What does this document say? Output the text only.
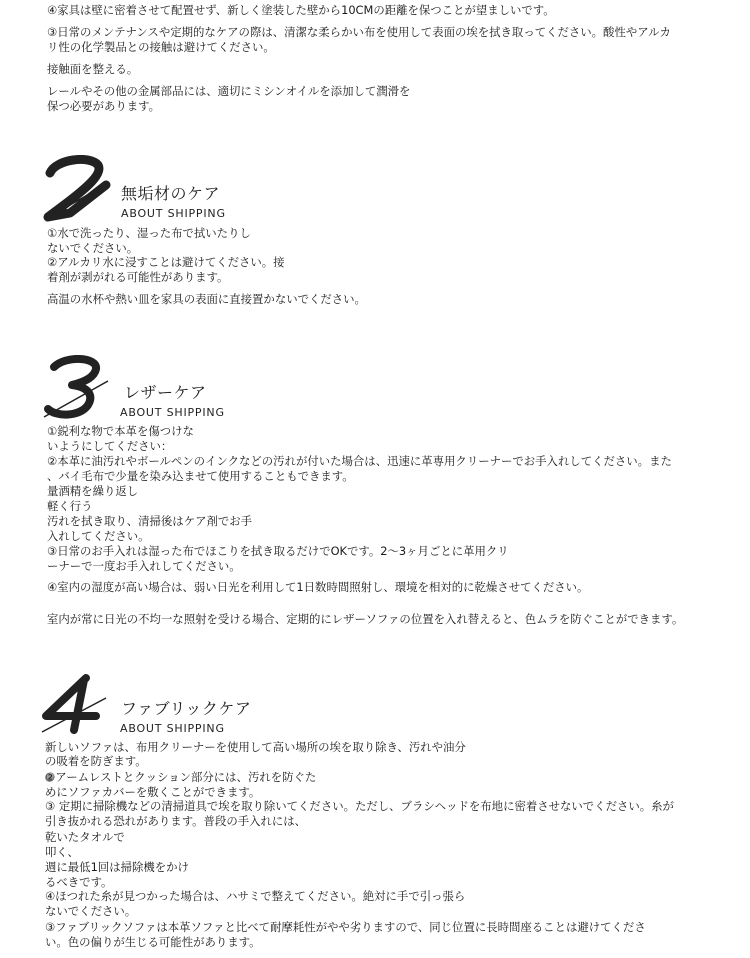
④家具は壁に密着させて配置せず、新しく塗装した壁から10CMの距離を保つことが望ましいです。
③日常のメンテナンスや定期的なケアの際は、清潔な柔らかい布を使用して表面の埃を拭き取ってください。酸性やアルカ
リ性の化学製品との接触は避けてください。
接触面を整える。
レールやその他の金属部品には、適切にミシンオイルを添加して潤滑を
保つ必要があります。
無垢材のケア
ABOUT SHIPPING
①水で洗ったり、湿った布で拭いたりし
ないでください。
②アルカリ水に浸すことは避けてください。接
着剤が剥がれる可能性があります。
高温の水杯や熱い皿を家具の表面に直接置かないでください。
レザーケア
ABOUT SHIPPING
①鋭利な物で本革を傷つけな
いようにしてください：
②本革に油汚れやボールペンのインクなどの汚れが付いた場合は、迅速に革専用クリーナーでお手入れしてください。また
、バイ毛布で少量を染み込ませて使用することもできます。
量酒精を繰り返し
軽く行う
汚れを拭き取り、清掃後はケア剤でお手
入れしてください。
③日常のお手入れは湿った布でほこりを拭き取るだけでOKです。2〜3ヶ月ごとに革用クリ
ーナーで一度お手入れしてください。
④室内の湿度が高い場合は、弱い日光を利用して1日数時間照射し、環境を相対的に乾燥させてください。
室内が常に日光の不均一な照射を受ける場合、定期的にレザーソファの位置を入れ替えると、色ムラを防ぐことができます。
ファブリックケア
ABOUT SHIPPING
新しいソファは、布用クリーナーを使用して高い場所の埃を取り除き、汚れや油分
の吸着を防ぎます。
②アームレストとクッション部分には、汚れを防ぐた
めにソファカバーを敷くことができます。
③ 定期に掃除機などの清掃道具で埃を取り除いてください。ただし、ブラシヘッドを布地に密着させないでください。糸が
引き抜かれる恐れがあります。普段の手入れには、
乾いたタオルで
叩く、
週に最低1回は掃除機をかけ
るべきです。
④ほつれた糸が見つかった場合は、ハサミで整えてください。絶対に手で引っ張ら
ないでください。
③ファブリックソファは本革ソファと比べて耐摩耗性がやや劣りますので、同じ位置に長時間座ることは避けてくださ
い。色の偏りが生じる可能性があります。
